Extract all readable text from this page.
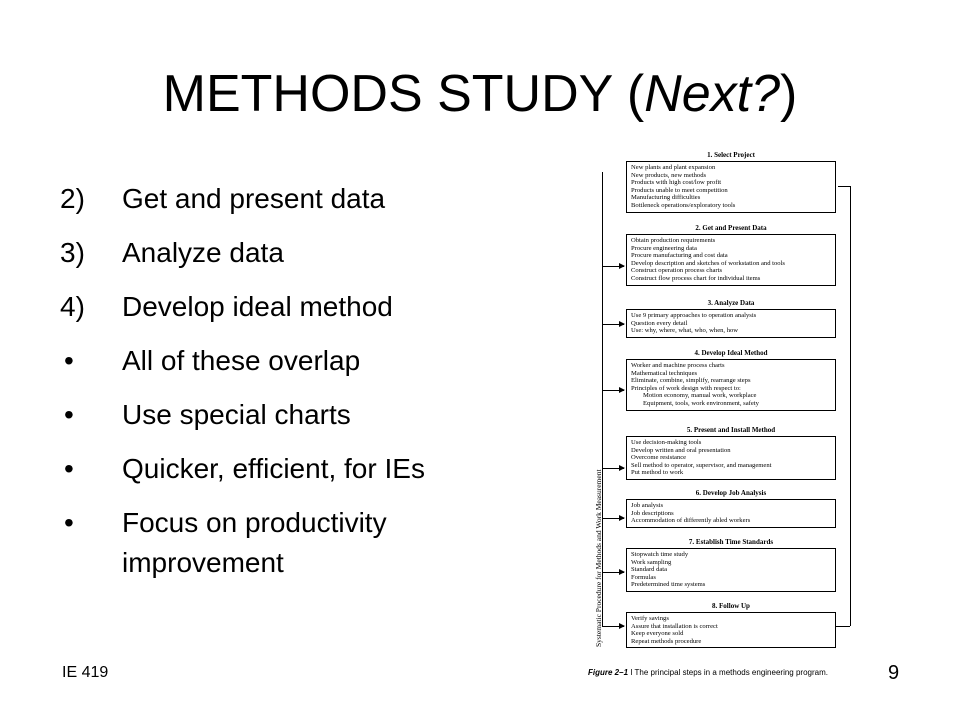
METHODS STUDY (Next?)
2) Get and present data
3) Analyze data
4) Develop ideal method
• All of these overlap
• Use special charts
• Quicker, efficient, for IEs
• Focus on productivity improvement	Systematic Procedure for Methods and Work Measurement
1. Select Project
New plants and plant expansion
New products, new methods
Products with high cost/low profit
Products unable to meet competition
Manufacturing difficulties
Bottleneck operations/exploratory tools
2. Get and Present Data
Obtain production requirements
Procure engineering data
Procure manufacturing and cost data
Develop description and sketches of workstation and tools
Construct operation process charts
Construct flow process chart for individual items
3. Analyze Data
Use 9 primary approaches to operation analysis
Question every detail
Use: why, where, what, who, when, how
4. Develop Ideal Method
Worker and machine process charts
Mathematical techniques
Eliminate, combine, simplify, rearrange steps
Principles of work design with respect to:
Motion economy, manual work, workplace
Equipment, tools, work environment, safety
5. Present and Install Method
Use decision-making tools
Develop written and oral presentation
Overcome resistance
Sell method to operator, supervisor, and management
Put method to work
6. Develop Job Analysis
Job analysis
Job descriptions
Accommodation of differently abled workers
7. Establish Time Standards
Stopwatch time study
Work sampling
Standard data
Formulas
Predetermined time systems
8. Follow Up
Verify savings
Assure that installation is correct
Keep everyone sold
Repeat methods procedure
Figure 2–1 I The principal steps in a methods engineering program.
IE 419	9
